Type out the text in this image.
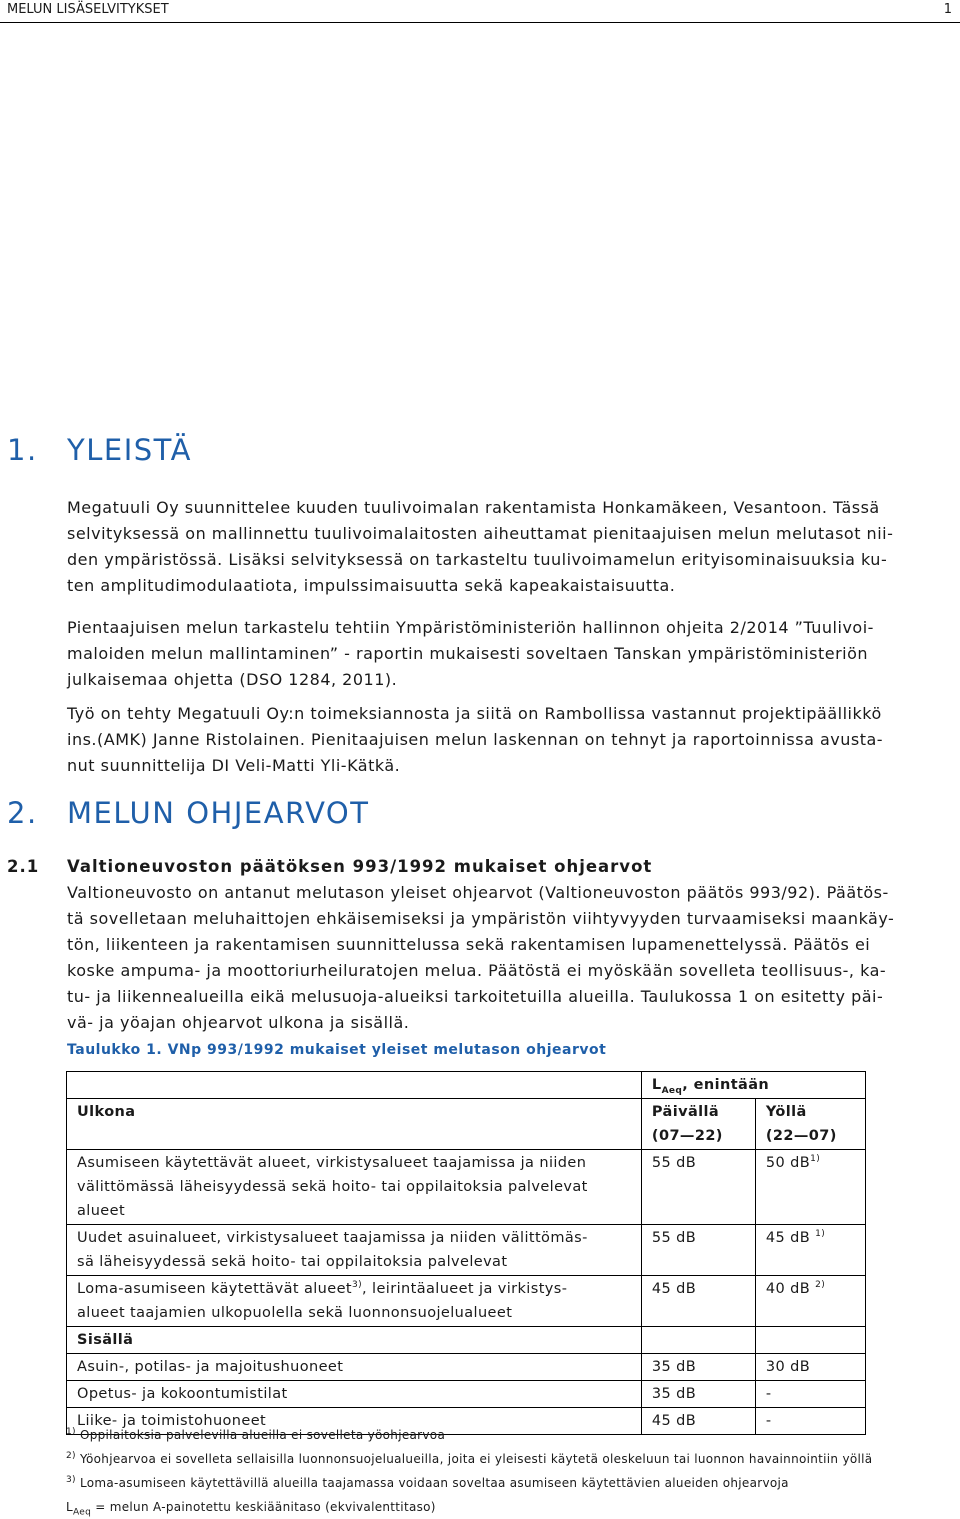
MELUN LISÄSELVITYKSET	1
1. YLEISTÄ

Megatuuli Oy suunnittelee kuuden tuulivoimalan rakentamista Honkamäkeen, Vesantoon. Tässä
selvityksessä on mallinnettu tuulivoimalaitosten aiheuttamat pienitaajuisen melun melutasot nii-
den ympäristössä. Lisäksi selvityksessä on tarkasteltu tuulivoimamelun erityisominaisuuksia ku-
ten amplitudimodulaatiota, impulssimaisuutta sekä kapeakaistaisuutta.

Pientaajuisen melun tarkastelu tehtiin Ympäristöministeriön hallinnon ohjeita 2/2014 ”Tuulivoi-
maloiden melun mallintaminen” - raportin mukaisesti soveltaen Tanskan ympäristöministeriön
julkaisemaa ohjetta (DSO 1284, 2011).

Työ on tehty Megatuuli Oy:n toimeksiannosta ja siitä on Rambollissa vastannut projektipäällikkö
ins.(AMK) Janne Ristolainen. Pienitaajuisen melun laskennan on tehnyt ja raportoinnissa avusta-
nut suunnittelija DI Veli-Matti Yli-Kätkä.

2. MELUN OHJEARVOT
2.1 Valtioneuvoston päätöksen 993/1992 mukaiset ohjearvot

Valtioneuvosto on antanut melutason yleiset ohjearvot (Valtioneuvoston päätös 993/92). Päätös-
tä sovelletaan meluhaittojen ehkäisemiseksi ja ympäristön viihtyvyyden turvaamiseksi maankäy-
tön, liikenteen ja rakentamisen suunnittelussa sekä rakentamisen lupamenettelyssä. Päätös ei
koske ampuma- ja moottoriurheiluratojen melua. Päätöstä ei myöskään sovelleta teollisuus-, ka-
tu- ja liikennealueilla eikä melusuojа-alueiksi tarkoitetuilla alueilla. Taulukossa 1 on esitetty päi-
vä- ja yöajan ohjearvot ulkona ja sisällä.

Taulukko 1. VNp 993/1992 mukaiset yleiset melutason ohjearvot
	$L_{Aeq}$, enintään	

Ulkona	Päivällä
(07—22)	Yöllä
(22—07)

Asumiseen käytettävät alueet, virkistysalueet taajamissa ja niiden
välittömässä läheisyydessä sekä hoito- tai oppilaitoksia palvelevat
alueet	55 dB	50 $dB^{1)}$

Uudet asuinalueet, virkistysalueet taajamissa ja niiden välittömäs-
sä läheisyydessä sekä hoito- tai oppilaitoksia palvelevat	55 dB	45 dB $^{1)}$

Loma-asumiseen käytettävät alueet$^{3)}$, leirintäalueet ja virkistys-
alueet taajamien ulkopuolella sekä luonnonsuojelualueet	45 dB	40 dB $^{2)}$
Sisällä		
Asuin-, potilas- ja majoitushuoneet	35 dB	30 dB
Opetus- ja kokoontumistilat	35 dB	-
Liike- ja toimistohuoneet	45 dB	-
$^{1)}$ Oppilaitoksia palvelevilla alueilla ei sovelleta yöohjearvoa
$^{2)}$ Yöohjearvoa ei sovelleta sellaisilla luonnonsuojelualueilla, joita ei yleisesti käytetä oleskeluun tai luonnon havainnointiin yöllä
$^{3)}$ Loma-asumiseen käytettävillä alueilla taajamassa voidaan soveltaa asumiseen käytettävien alueiden ohjearvoja
$L_{Aeq}$ = melun A-painotettu keskiäänitaso (ekvivalenttitaso)
